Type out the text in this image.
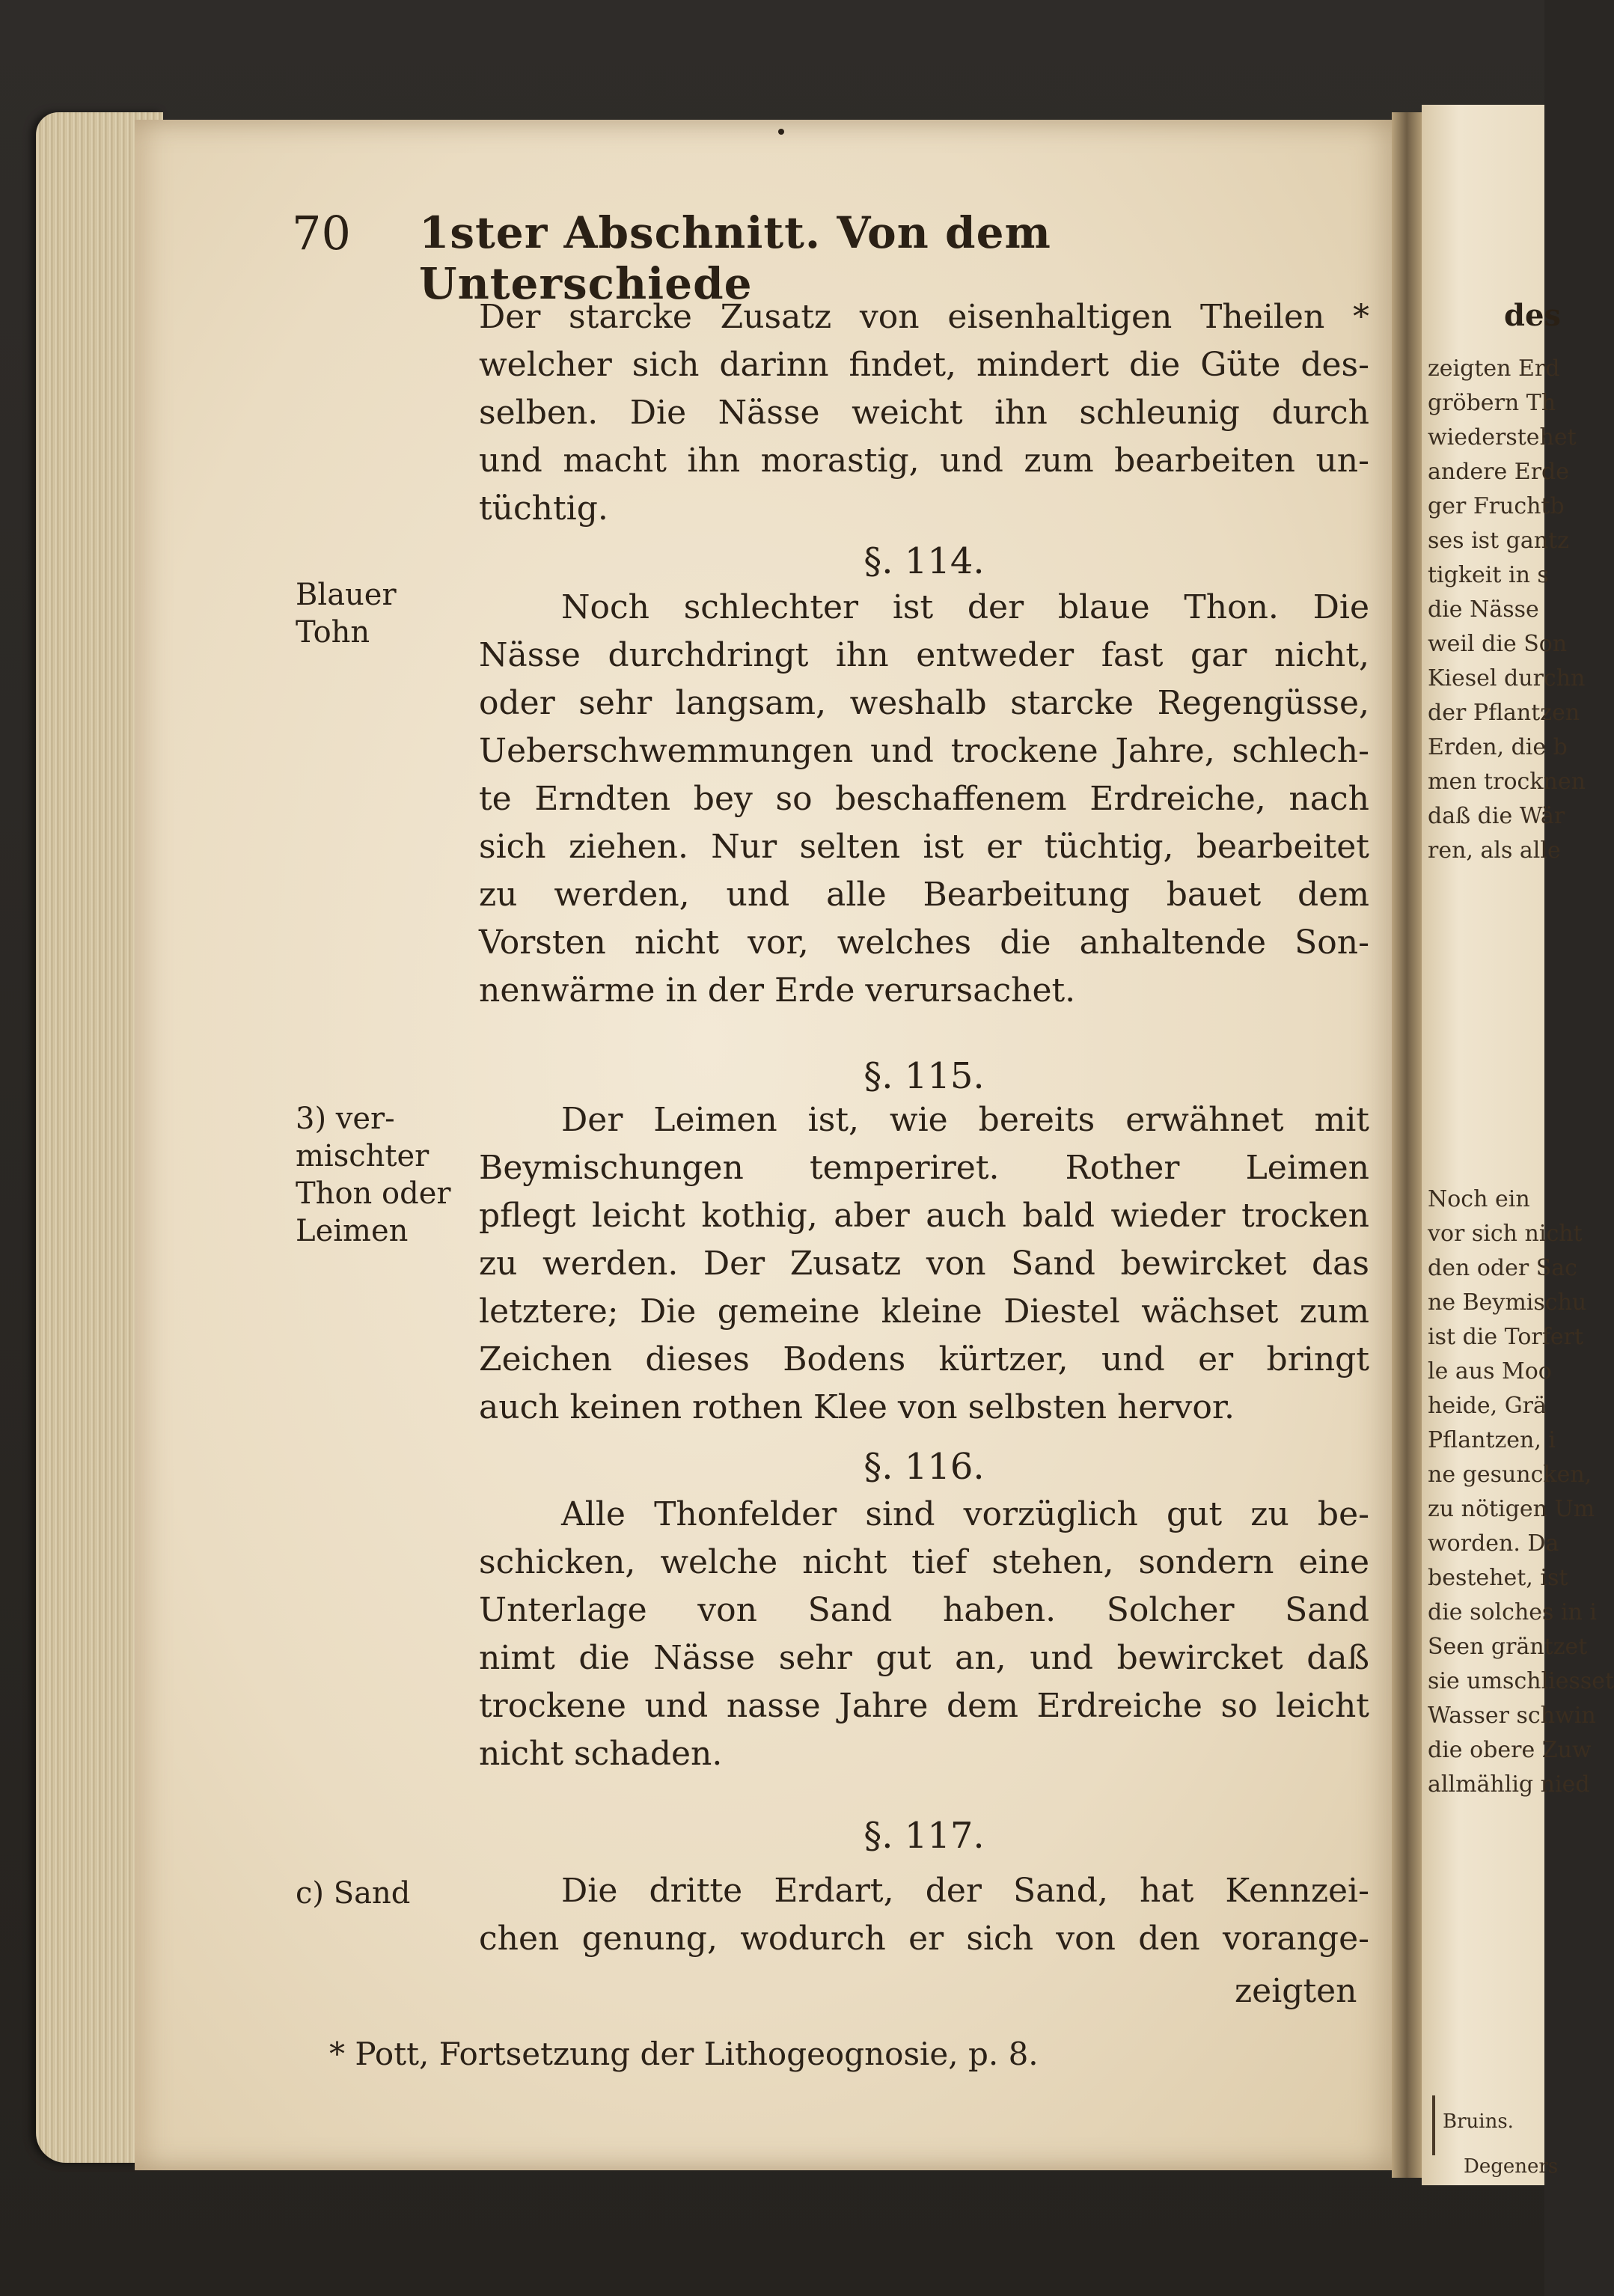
des
zeigten Erd
gröbern Th
wiederstehet
andere Erde
ger Fruchtb
ses ist gantz
tigkeit in s
die Nässe
weil die Son
Kiesel durchn
der Pflantzen
Erden, die b
men trocknen
daß die Wär
ren, als alle
Noch ein
vor sich nicht
den oder Sac
ne Beymischu
ist die Torfert
le aus Moo
heide, Grä
Pflantzen, i
ne gesuncken,
zu nötigen Um
worden. Da
bestehet, ist
die solches in i
Seen gräntzet
sie umschliesset
Wasser schwin
die obere Zuw
allmählig nied
Bruins.
Degeners
70 1ster Abschnitt. Von dem Unterschiede
Der starcke Zusatz von eisenhaltigen Theilen *
welcher sich darinn findet, mindert die Güte des-
selben. Die Nässe weicht ihn schleunig durch
und macht ihn morastig, und zum bearbeiten un-
tüchtig.
§. 114.
Blauer
Tohn
Noch schlechter ist der blaue Thon. Die
Nässe durchdringt ihn entweder fast gar nicht,
oder sehr langsam, weshalb starcke Regengüsse,
Ueberschwemmungen und trockene Jahre, schlech-
te Erndten bey so beschaffenem Erdreiche, nach
sich ziehen. Nur selten ist er tüchtig, bearbeitet
zu werden, und alle Bearbeitung bauet dem
Vorsten nicht vor, welches die anhaltende Son-
nenwärme in der Erde verursachet.
§. 115.
3) ver-
mischter
Thon oder
Leimen
Der Leimen ist, wie bereits erwähnet mit
Beymischungen temperiret. Rother Leimen
pflegt leicht kothig, aber auch bald wieder trocken
zu werden. Der Zusatz von Sand bewircket das
letztere; Die gemeine kleine Diestel wächset zum
Zeichen dieses Bodens kürtzer, und er bringt
auch keinen rothen Klee von selbsten hervor.
§. 116.
Alle Thonfelder sind vorzüglich gut zu be-
schicken, welche nicht tief stehen, sondern eine
Unterlage von Sand haben. Solcher Sand
nimt die Nässe sehr gut an, und bewircket daß
trockene und nasse Jahre dem Erdreiche so leicht
nicht schaden.
§. 117.
c) Sand	Die dritte Erdart, der Sand, hat Kennzei-
chen genung, wodurch er sich von den vorange-
zeigten
* Pott, Fortsetzung der Lithogeognosie, p. 8.
